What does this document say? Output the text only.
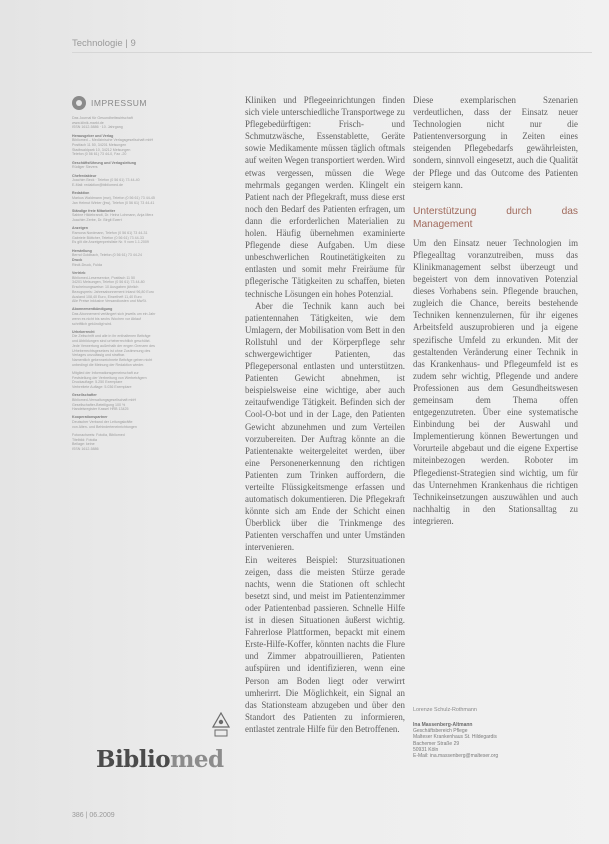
Technologie | 9
IMPRESSUM
Das Journal für Gesundheitswirtschaft
www.klinik-markt.de
ISSN 1612-5886 · 10. Jahrgang
Herausgeber und Verlag
Bibliomed – Medizinische Verlagsgesellschaft mbH
Postfach 11 50, 34201 Melsungen
Stadtwaldpark 10, 34212 Melsungen
Telefon (0 56 61) 73 44-0, Fax -20
Geschäftsführung und Verlagsleitung
Rüdiger Sievers
Chefredakteur
Joachim Beck · Telefon (0 56 61) 73 44-40
E-Mail: redaktion@bibliomed.de
Redaktion
Markus Waldmann (mw), Telefon (0 56 61) 73 44-45
Jan Helmut Winter (jhw), Telefon (0 56 61) 73 44-41
Ständige freie Mitarbeiter
Sabine Hildebrandt, Dr. Heinz Lohmann, Anja Merz
Joachim Zerbe, Dr. Birgit Ewert
Anzeigen
Ramona Nordmann, Telefon (0 56 61) 73 44-31
Gabriele Böttcher, Telefon (0 56 61) 73 44-33
Es gilt die Anzeigenpreisliste Nr. 9 vom 1.1.2009
Herstellung
Bernd Goldbach, Telefon (0 56 61) 73 44-24
Druck
Rindt-Druck, Fulda
Vertrieb
Bibliomed-Leserservice, Postfach 11 50
34201 Melsungen, Telefon (0 56 61) 73 44-80
Erscheinungsweise: 10 Ausgaben jährlich
Bezugspreis: Jahresabonnement Inland 96,80 Euro
Ausland 108,40 Euro, Einzelheft 11,40 Euro
Alle Preise inklusive Versandkosten und MwSt.
Abonnementkündigung
Das Abonnement verlängert sich jeweils um ein Jahr
wenn es nicht bis sechs Wochen vor Ablauf
schriftlich gekündigt wird.
Urheberrecht
Die Zeitschrift und alle in ihr enthaltenen Beiträge
und Abbildungen sind urheberrechtlich geschützt.
Jede Verwertung außerhalb der engen Grenzen des
Urheberrechtsgesetzes ist ohne Zustimmung des
Verlages unzulässig und strafbar.
Namentlich gekennzeichnete Beiträge geben nicht
unbedingt die Meinung der Redaktion wieder.
Mitglied der Informationsgemeinschaft zur
Feststellung der Verbreitung von Werbeträgern
Druckauflage: 5.250 Exemplare
Verbreitete Auflage: 5.036 Exemplare
Gesellschafter
Bibliomed-Verwaltungsgesellschaft mbH
Gesellschafter-Beteiligung 100 %
Handelsregister Kassel HRB 13425
Kooperationspartner
Deutscher Verband der Leitungskräfte
von Alten- und Behinderteneinrichtungen
Fotonachweis: Fotolia, Bibliomed
Titelbild: Fotolia
Beilage: keine
ISSN 1612-5886
Bibliomed
386 | 06.2009

Kliniken und Pflegeeinrichtungen finden sich viele unterschiedliche Transportwege zu Pflegebedürftigen: Frisch- und Schmutzwäsche, Essenstablette, Geräte sowie Medikamente müssen täglich oftmals auf weiten Wegen transportiert werden. Wird etwas vergessen, müssen die Wege mehrmals gegangen werden. Klingelt ein Patient nach der Pflegekraft, muss diese erst noch den Bedarf des Patienten erfragen, um dann die erforderlichen Materialien zu holen. Häufig übernehmen examinierte Pflegende diese Aufgaben. Um diese unbeschwerlichen Routinetätigkeiten zu entlasten und somit mehr Freiräume für pflegerische Tätigkeiten zu schaffen, bieten technische Lösungen ein hohes Potenzial.

Aber die Technik kann auch bei patientennahen Tätigkeiten, wie dem Umlagern, der Mobilisation vom Bett in den Rollstuhl und der Körperpflege sehr schwergewichtiger Patienten, das Pflegepersonal entlasten und unterstützen. Patienten Gewicht abnehmen, ist beispielsweise eine wichtige, aber auch zeitaufwendige Tätigkeit. Befinden sich der Cool-O-bot und in der Lage, den Patienten Gewicht abzunehmen und zum Verteilen vorzubereiten. Der Auftrag könnte an die Patientenakte weitergeleitet werden, über eine Personenerkennung den richtigen Patienten zum Trinken auffordern, die verteilte Flüssigkeitsmenge erfassen und automatisch dokumentieren. Die Pflegekraft könnte sich am Ende der Schicht einen Überblick über die Trinkmenge des Patienten verschaffen und unter Umständen intervenieren.

Ein weiteres Beispiel: Sturzsituationen zeigen, dass die meisten Stürze gerade nachts, wenn die Stationen oft schlecht besetzt sind, und meist im Patientenzimmer oder Patientenbad passieren. Schnelle Hilfe ist in diesen Situationen äußerst wichtig. Fahrerlose Plattformen, bepackt mit einem Erste-Hilfe-Koffer, könnten nachts die Flure und Zimmer abpatrouillieren, Patienten aufspüren und identifizieren, wenn eine Person am Boden liegt oder verwirrt umherirrt. Die Möglichkeit, ein Signal an das Stationsteam abzugeben und über den Standort des Patienten zu informieren, entlastet zentrale Hilfe für den Betroffenen.

Diese exemplarischen Szenarien verdeutlichen, dass der Einsatz neuer Technologien nicht nur die Patientenversorgung in Zeiten eines steigenden Pflegebedarfs gewährleisten, sondern, sinnvoll eingesetzt, auch die Qualität der Pflege und das Outcome des Patienten steigern kann.

Unterstützung durch das Management

Um den Einsatz neuer Technologien im Pflegealltag voranzutreiben, muss das Klinikmanagement selbst überzeugt und begeistert von dem innovativen Potenzial dieses Vorhabens sein. Pflegende brauchen, zugleich die Chance, bereits bestehende Techniken kennenzulernen, für ihr eigenes Arbeitsfeld auszuprobieren und ja eigene spezifische Umfeld zu erkunden. Mit der gestaltenden Veränderung einer Technik in das Krankenhaus- und Pflegeumfeld ist es zudem sehr wichtig, Pflegende und andere Professionen aus dem Gesundheitswesen gemeinsam dem Thema offen entgegenzutreten. Über eine systematische Einbindung bei der Auswahl und Implementierung können Bewertungen und Vorurteile abgebaut und die eigene Expertise miteinbezogen werden. Roboter im Pflegedienst-Strategien sind wichtig, um für das Unternehmen Krankenhaus die richtigen Technikeinsetzungen auszuwählen und auch nachhaltig in den Stationsalltag zu integrieren.

Lorenze Schulz-Rothmann
Ina Massenberg-Altmann
Geschäftsbereich Pflege
Malteser Krankenhaus St. Hildegardis
Bachemer Straße 29
50931 Köln
E-Mail: ina.massenberg@malteser.org
